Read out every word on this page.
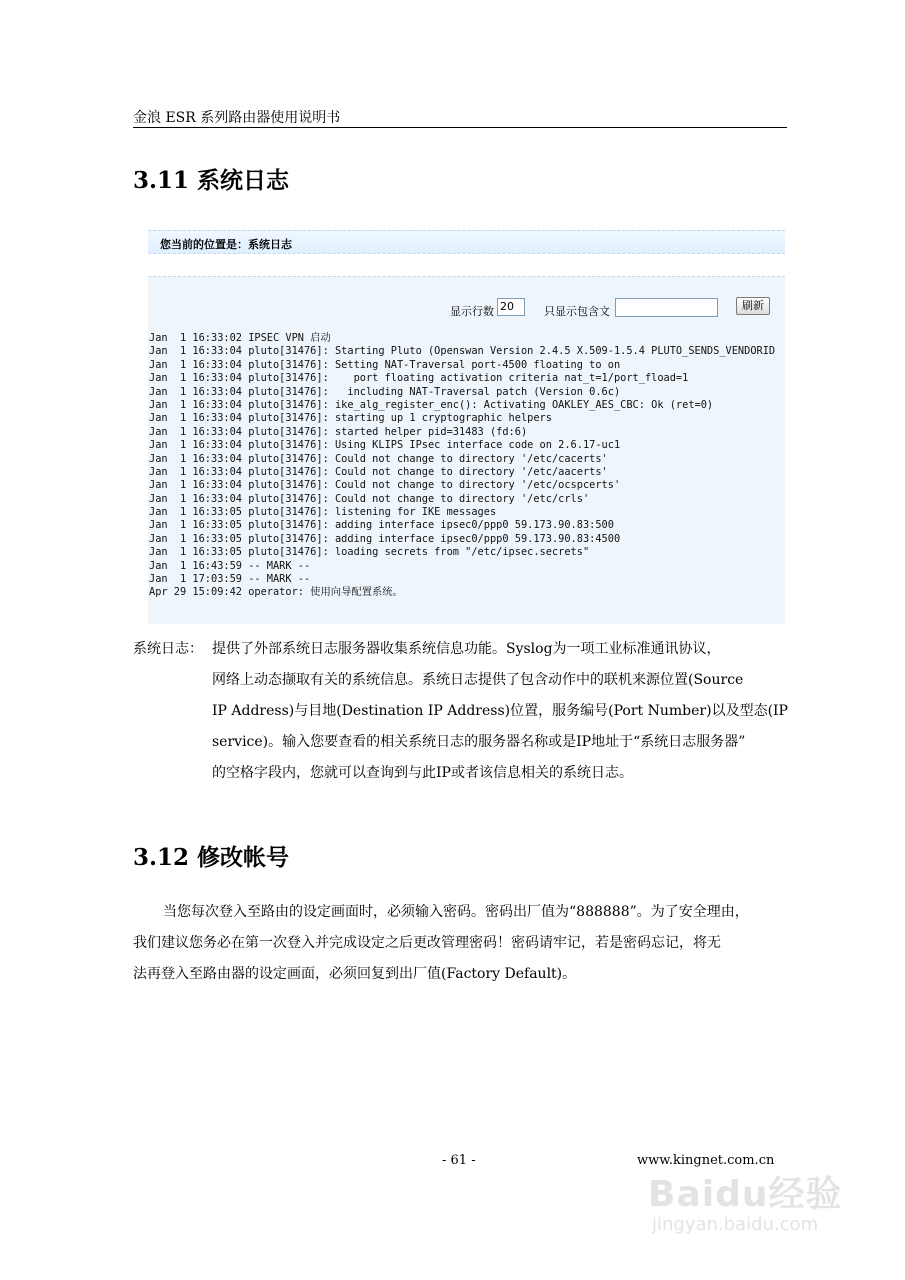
金浪 ESR 系列路由器使用说明书
3.11 系统日志
您当前的位置是：系统日志
显示行数 20	只显示包含文	刷新
Jan  1 16:33:02 IPSEC VPN 启动
Jan  1 16:33:04 pluto[31476]: Starting Pluto (Openswan Version 2.4.5 X.509-1.5.4 PLUTO_SENDS_VENDORID
Jan  1 16:33:04 pluto[31476]: Setting NAT-Traversal port-4500 floating to on
Jan  1 16:33:04 pluto[31476]:    port floating activation criteria nat_t=1/port_fload=1
Jan  1 16:33:04 pluto[31476]:   including NAT-Traversal patch (Version 0.6c)
Jan  1 16:33:04 pluto[31476]: ike_alg_register_enc(): Activating OAKLEY_AES_CBC: Ok (ret=0)
Jan  1 16:33:04 pluto[31476]: starting up 1 cryptographic helpers
Jan  1 16:33:04 pluto[31476]: started helper pid=31483 (fd:6)
Jan  1 16:33:04 pluto[31476]: Using KLIPS IPsec interface code on 2.6.17-uc1
Jan  1 16:33:04 pluto[31476]: Could not change to directory '/etc/cacerts'
Jan  1 16:33:04 pluto[31476]: Could not change to directory '/etc/aacerts'
Jan  1 16:33:04 pluto[31476]: Could not change to directory '/etc/ocspcerts'
Jan  1 16:33:04 pluto[31476]: Could not change to directory '/etc/crls'
Jan  1 16:33:05 pluto[31476]: listening for IKE messages
Jan  1 16:33:05 pluto[31476]: adding interface ipsec0/ppp0 59.173.90.83:500
Jan  1 16:33:05 pluto[31476]: adding interface ipsec0/ppp0 59.173.90.83:4500
Jan  1 16:33:05 pluto[31476]: loading secrets from "/etc/ipsec.secrets"
Jan  1 16:43:59 -- MARK --
Jan  1 17:03:59 -- MARK --
Apr 29 15:09:42 operator: 使用向导配置系统。
系统日志： 提供了外部系统日志服务器收集系统信息功能。Syslog为一项工业标准通讯协议，
网络上动态撷取有关的系统信息。系统日志提供了包含动作中的联机来源位置(Source
IP Address)与目地(Destination IP Address)位置，服务编号(Port Number)以及型态(IP
service)。输入您要查看的相关系统日志的服务器名称或是IP地址于“系统日志服务器”
的空格字段内，您就可以查询到与此IP或者该信息相关的系统日志。
3.12 修改帐号
当您每次登入至路由的设定画面时，必须输入密码。密码出厂值为“888888”。为了安全理由，
我们建议您务必在第一次登入并完成设定之后更改管理密码！密码请牢记，若是密码忘记，将无
法再登入至路由器的设定画面，必须回复到出厂值(Factory Default)。
- 61 -	www.kingnet.com.cn
Baidu经验
jingyan.baidu.com
